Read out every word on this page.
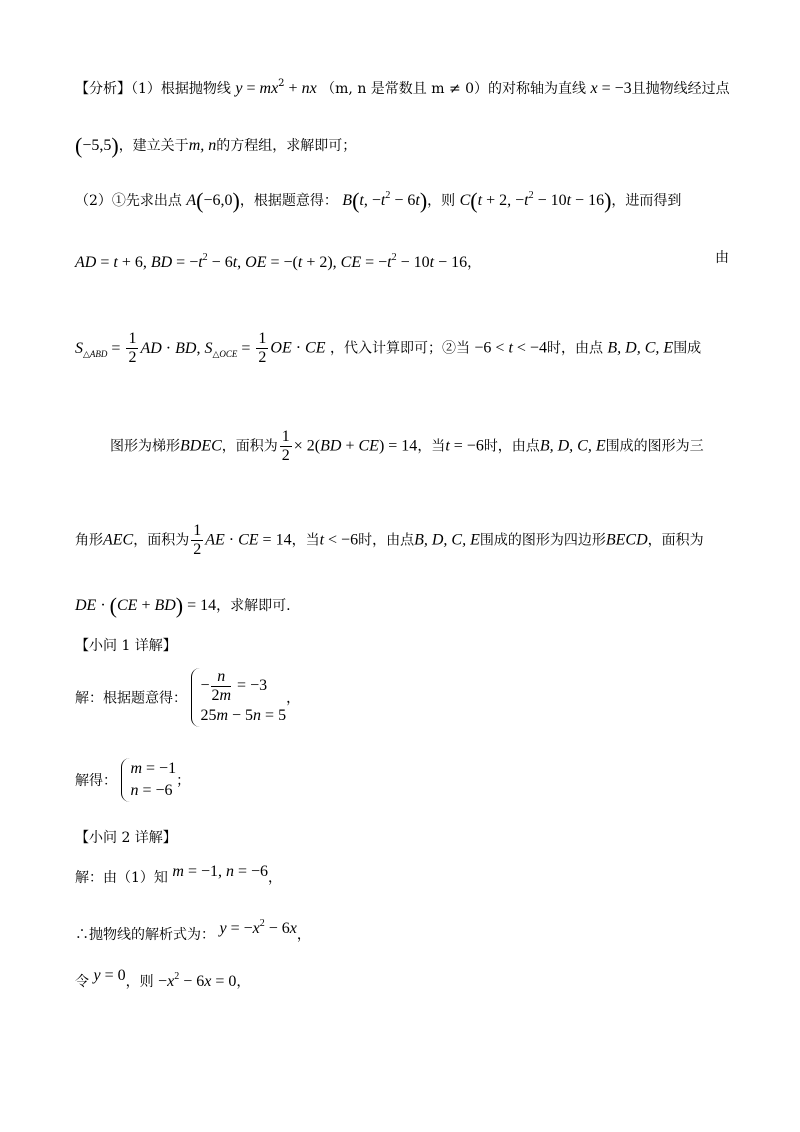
【分析】（1）根据抛物线 $y = mx^2$ + nx （m, n 是常数且 m ≠ 0）的对称轴为直线 x = −3且抛物线经过点
(−5,5)，建立关于m, n的方程组，求解即可；
（2）①先求出点 A(−6,0)，根据题意得： B(t, $-t^2 - 6t$)，则 C(t + 2, $-t^2 - 10t - 16$)，进而得到
AD = t + 6, BD = $-t^2 - 6t$, OE = −(t + 2), CE = $-t^2 - 10t - 16$，	由
$S_{\triangle ABD} = \frac{1}{2}$ AD · BD, $S_{\triangle OCE} = \frac{1}{2}$ OE · CE ，代入计算即可；②当 −6 < t < −4时，由点 B, D, C, E围成
图形为梯形BDEC，面积为 $\frac{1}{2} \times 2(BD + CE) = 14$，当t = −6时，由点B, D, C, E围成的图形为三
角形AEC，面积为 $\frac{1}{2}$ AE · CE = 14，当t < −6时，由点B, D, C, E围成的图形为四边形BECD，面积为
DE · (CE + BD) = 14，求解即可.
【小问 1 详解】
解：根据题意得：
− $\frac{n}{2m} = -3$
25m − 5n = 5
，
解得：
m = −1
n = −6
；
【小问 2 详解】
解：由（1）知 m = −1, n = −6，
∴抛物线的解析式为： $y = -x^2 - 6x$，
令 y = 0，则 $-x^2 - 6x = 0$，
